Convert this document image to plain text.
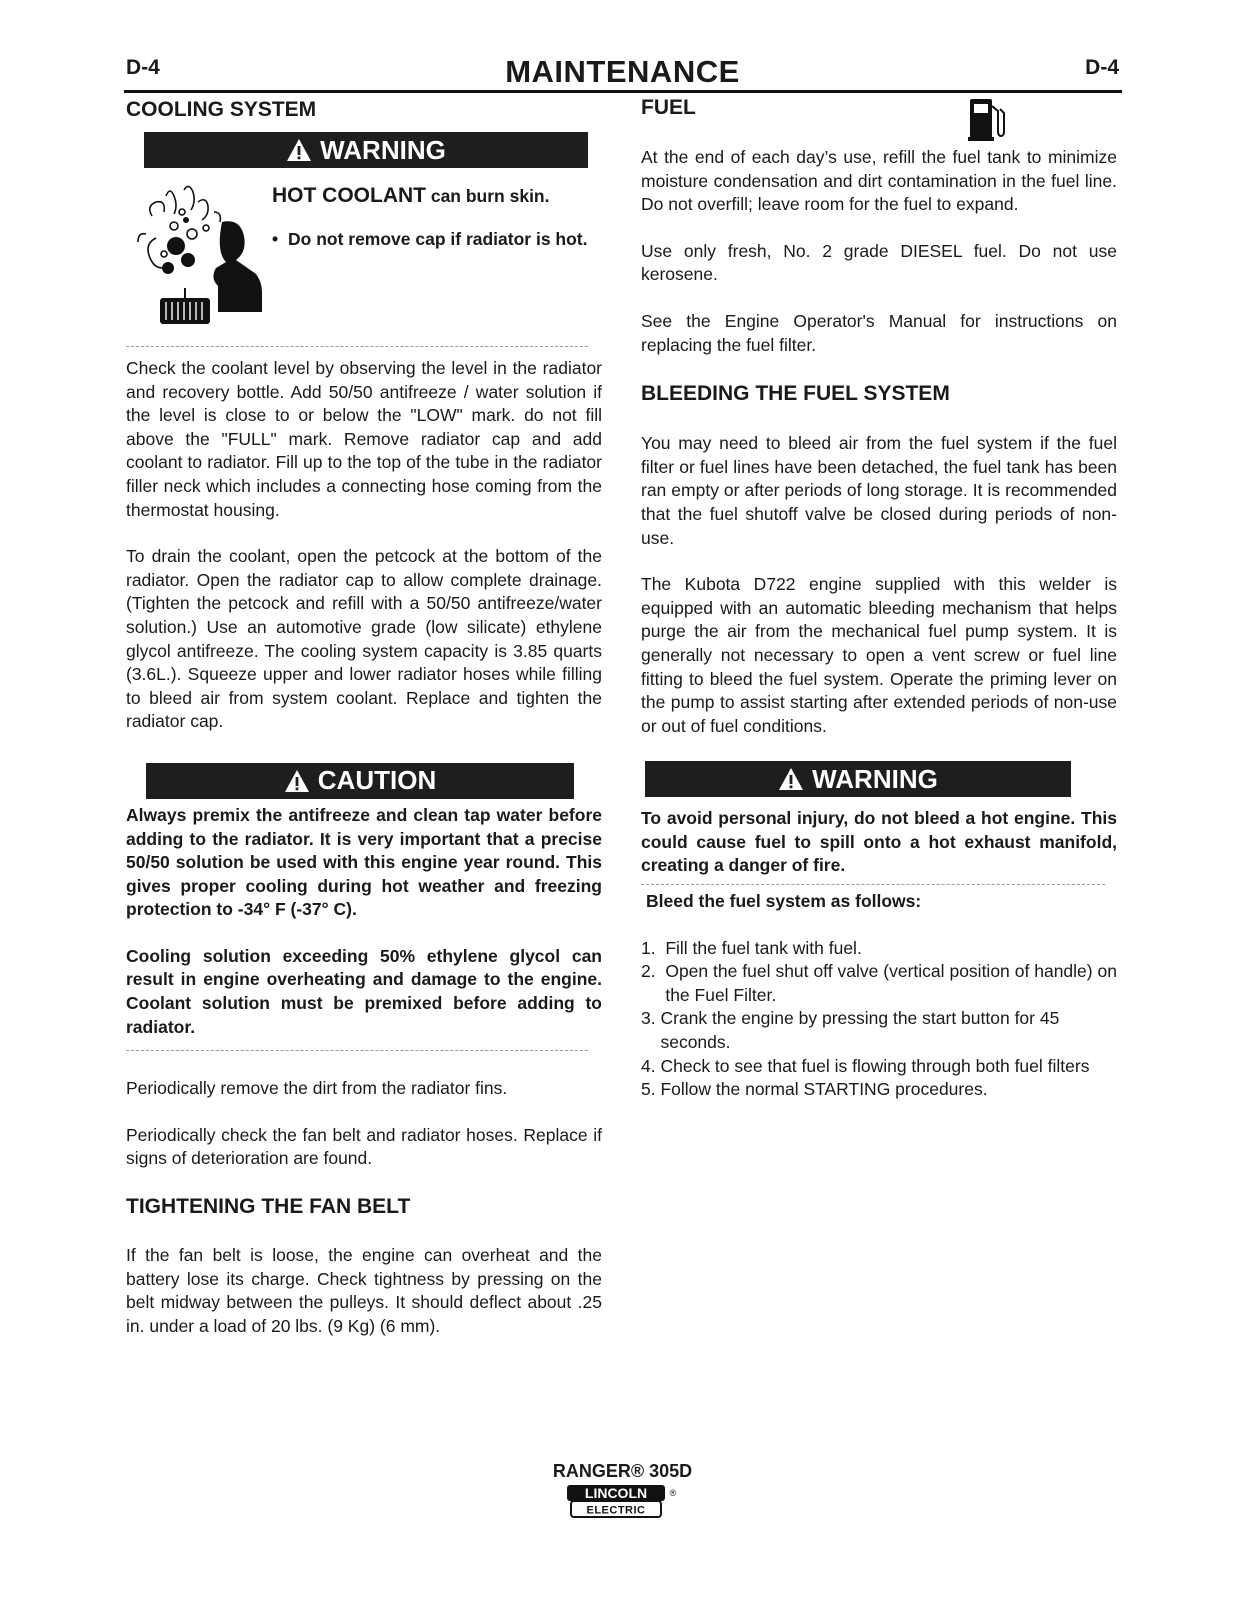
D-4	MAINTENANCE	D-4
COOLING SYSTEM
WARNING
HOT COOLANT can burn skin.
• Do not remove cap if radiator is hot.

Check the coolant level by observing the level in the radiator and recovery bottle. Add 50/50 antifreeze / water solution if the level is close to or below the "LOW" mark. do not fill above the "FULL" mark. Remove radiator cap and add coolant to radiator. Fill up to the top of the tube in the radiator filler neck which includes a connecting hose coming from the thermostat housing.

To drain the coolant, open the petcock at the bottom of the radiator. Open the radiator cap to allow complete drainage. (Tighten the petcock and refill with a 50/50 antifreeze/water solution.) Use an automotive grade (low silicate) ethylene glycol antifreeze. The cooling system capacity is 3.85 quarts (3.6L.). Squeeze upper and lower radiator hoses while filling to bleed air from system coolant. Replace and tighten the radiator cap.

CAUTION

Always premix the antifreeze and clean tap water before adding to the radiator. It is very important that a precise 50/50 solution be used with this engine year round. This gives proper cooling during hot weather and freezing protection to -34° F (-37° C).

Cooling solution exceeding 50% ethylene glycol can result in engine overheating and damage to the engine. Coolant solution must be premixed before adding to radiator.

Periodically remove the dirt from the radiator fins.

Periodically check the fan belt and radiator hoses. Replace if signs of deterioration are found.

TIGHTENING THE FAN BELT

If the fan belt is loose, the engine can overheat and the battery lose its charge. Check tightness by pressing on the belt midway between the pulleys. It should deflect about .25 in. under a load of 20 lbs. (9 Kg) (6 mm).

FUEL

At the end of each day’s use, refill the fuel tank to minimize moisture condensation and dirt contamination in the fuel line. Do not overfill; leave room for the fuel to expand.

Use only fresh, No. 2 grade DIESEL fuel. Do not use kerosene.

See the Engine Operator's Manual for instructions on replacing the fuel filter.

BLEEDING THE FUEL SYSTEM

You may need to bleed air from the fuel system if the fuel filter or fuel lines have been detached, the fuel tank has been ran empty or after periods of long storage. It is recommended that the fuel shutoff valve be closed during periods of non-use.

The Kubota D722 engine supplied with this welder is equipped with an automatic bleeding mechanism that helps purge the air from the mechanical fuel pump system. It is generally not necessary to open a vent screw or fuel line fitting to bleed the fuel system. Operate the priming lever on the pump to assist starting after extended periods of non-use or out of fuel conditions.

WARNING

To avoid personal injury, do not bleed a hot engine. This could cause fuel to spill onto a hot exhaust manifold, creating a danger of fire.

Bleed the fuel system as follows:

1. Fill the fuel tank with fuel.
2. Open the fuel shut off valve (vertical position of handle) on the Fuel Filter.
3. Crank the engine by pressing the start button for 45 seconds.
4. Check to see that fuel is flowing through both fuel filters
5. Follow the normal STARTING procedures.
RANGER® 305D
LINCOLN	®
ELECTRIC
